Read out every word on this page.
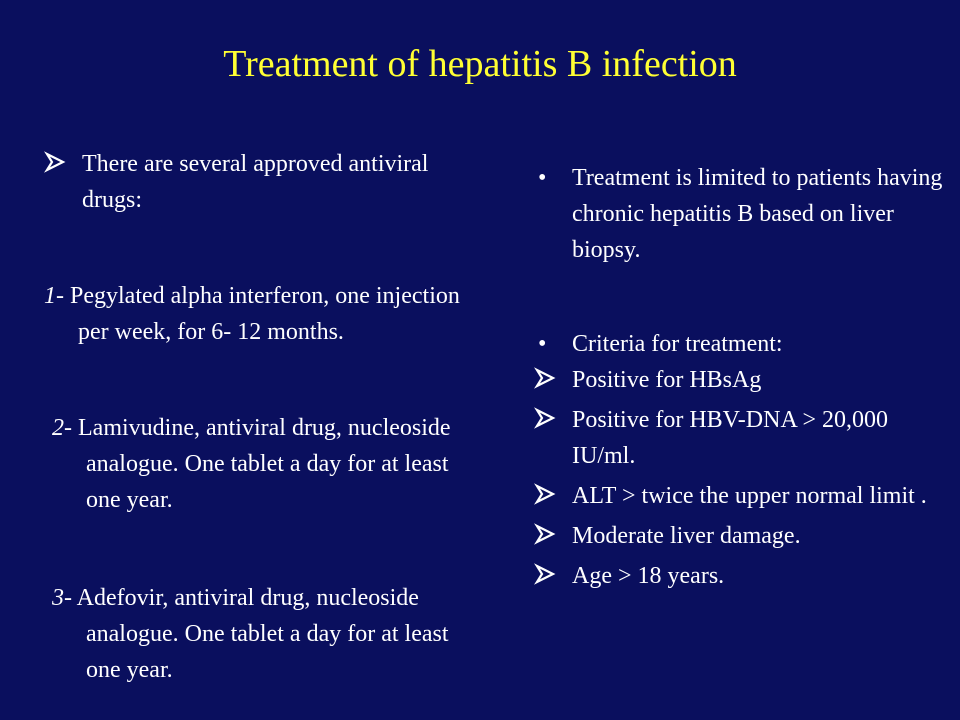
Treatment of hepatitis B infection

There are several approved antiviral drugs:

1- Pegylated alpha interferon, one injection per week, for 6- 12 months.

2- Lamivudine, antiviral drug, nucleoside analogue. One tablet a day for at least one year.

3- Adefovir, antiviral drug, nucleoside analogue. One tablet a day for at least one year.

• Treatment is limited to patients having chronic hepatitis B based on liver biopsy.

• Criteria for treatment:

Positive for HBsAg

Positive for HBV-DNA > 20,000 IU/ml.

ALT > twice the upper normal limit .

Moderate liver damage.

Age > 18 years.
